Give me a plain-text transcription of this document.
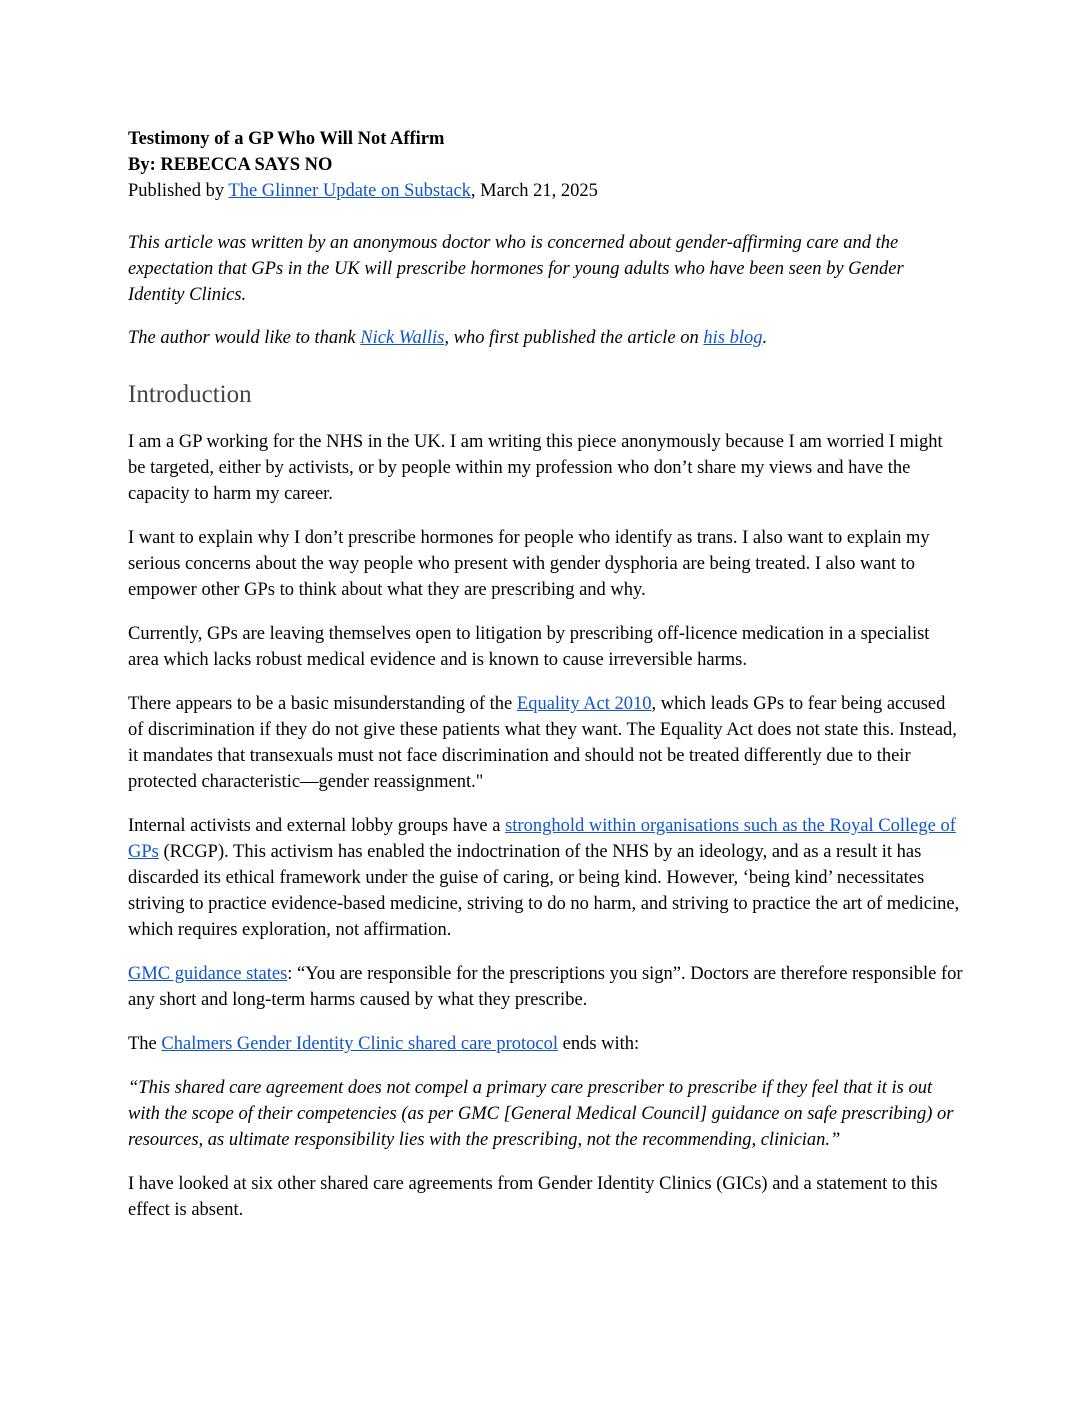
Testimony of a GP Who Will Not Affirm
By: REBECCA SAYS NO
Published by The Glinner Update on Substack, March 21, 2025

This article was written by an anonymous doctor who is concerned about gender-affirming care and the expectation that GPs in the UK will prescribe hormones for young adults who have been seen by Gender Identity Clinics.

The author would like to thank Nick Wallis, who first published the article on his blog.

Introduction

I am a GP working for the NHS in the UK. I am writing this piece anonymously because I am worried I might be targeted, either by activists, or by people within my profession who don’t share my views and have the capacity to harm my career.

I want to explain why I don’t prescribe hormones for people who identify as trans. I also want to explain my serious concerns about the way people who present with gender dysphoria are being treated. I also want to empower other GPs to think about what they are prescribing and why.

Currently, GPs are leaving themselves open to litigation by prescribing off-licence medication in a specialist area which lacks robust medical evidence and is known to cause irreversible harms.

There appears to be a basic misunderstanding of the Equality Act 2010, which leads GPs to fear being accused of discrimination if they do not give these patients what they want. The Equality Act does not state this. Instead, it mandates that transexuals must not face discrimination and should not be treated differently due to their protected characteristic—gender reassignment."

Internal activists and external lobby groups have a stronghold within organisations such as the Royal College of GPs (RCGP). This activism has enabled the indoctrination of the NHS by an ideology, and as a result it has discarded its ethical framework under the guise of caring, or being kind. However, ‘being kind’ necessitates striving to practice evidence-based medicine, striving to do no harm, and striving to practice the art of medicine, which requires exploration, not affirmation.

GMC guidance states: “You are responsible for the prescriptions you sign”. Doctors are therefore responsible for any short and long-term harms caused by what they prescribe.

The Chalmers Gender Identity Clinic shared care protocol ends with:

“This shared care agreement does not compel a primary care prescriber to prescribe if they feel that it is out with the scope of their competencies (as per GMC [General Medical Council] guidance on safe prescribing) or resources, as ultimate responsibility lies with the prescribing, not the recommending, clinician.”

I have looked at six other shared care agreements from Gender Identity Clinics (GICs) and a statement to this effect is absent.
